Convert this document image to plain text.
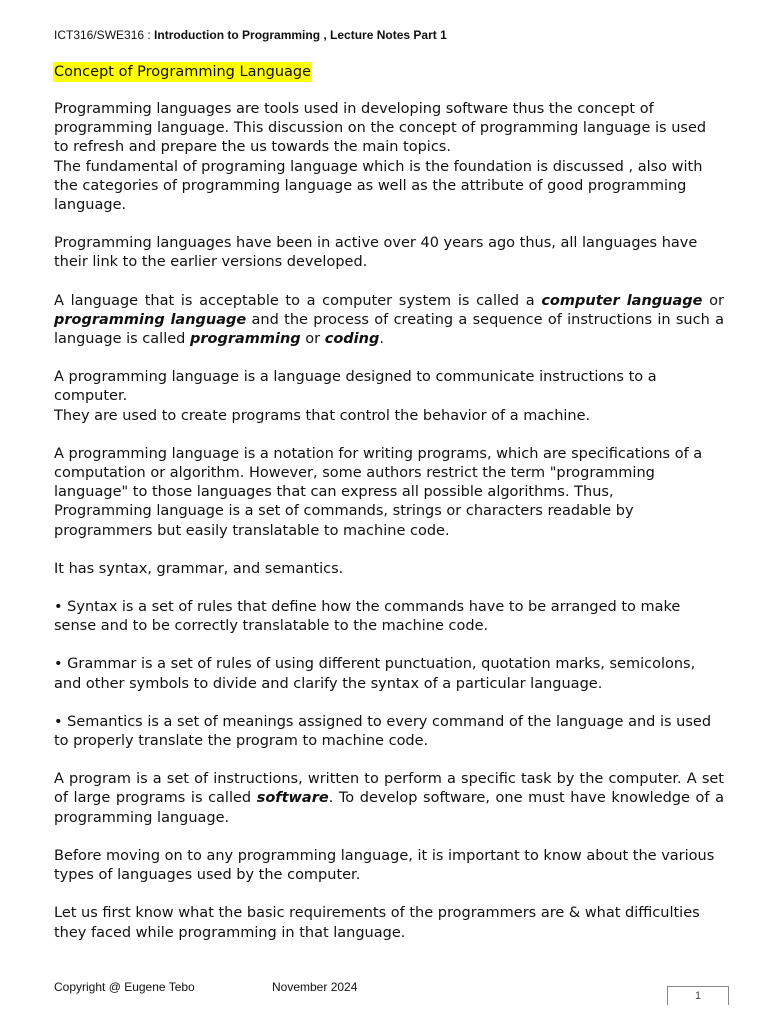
ICT316/SWE316 : Introduction to Programming , Lecture Notes Part 1
Concept of Programming Language

Programming languages are tools used in developing software thus the concept of programming language. This discussion on the concept of programming language is used to refresh and prepare the us towards the main topics.

The fundamental of programing language which is the foundation is discussed , also with the categories of programming language as well as the attribute of good programming language.

Programming languages have been in active over 40 years ago thus, all languages have their link to the earlier versions developed.

A language that is acceptable to a computer system is called a computer language or programming language and the process of creating a sequence of instructions in such a language is called programming or coding.

A programming language is a language designed to communicate instructions to a computer.

They are used to create programs that control the behavior of a machine.

A programming language is a notation for writing programs, which are specifications of a computation or algorithm. However, some authors restrict the term "programming language" to those languages that can express all possible algorithms. Thus, Programming language is a set of commands, strings or characters readable by programmers but easily translatable to machine code.

It has syntax, grammar, and semantics.

• Syntax is a set of rules that define how the commands have to be arranged to make sense and to be correctly translatable to the machine code.

• Grammar is a set of rules of using different punctuation, quotation marks, semicolons, and other symbols to divide and clarify the syntax of a particular language.

• Semantics is a set of meanings assigned to every command of the language and is used to properly translate the program to machine code.

A program is a set of instructions, written to perform a specific task by the computer. A set of large programs is called software. To develop software, one must have knowledge of a programming language.

Before moving on to any programming language, it is important to know about the various types of languages used by the computer.

Let us first know what the basic requirements of the programmers are & what difficulties they faced while programming in that language.

Copyright @ Eugene Tebo	November 2024
1
